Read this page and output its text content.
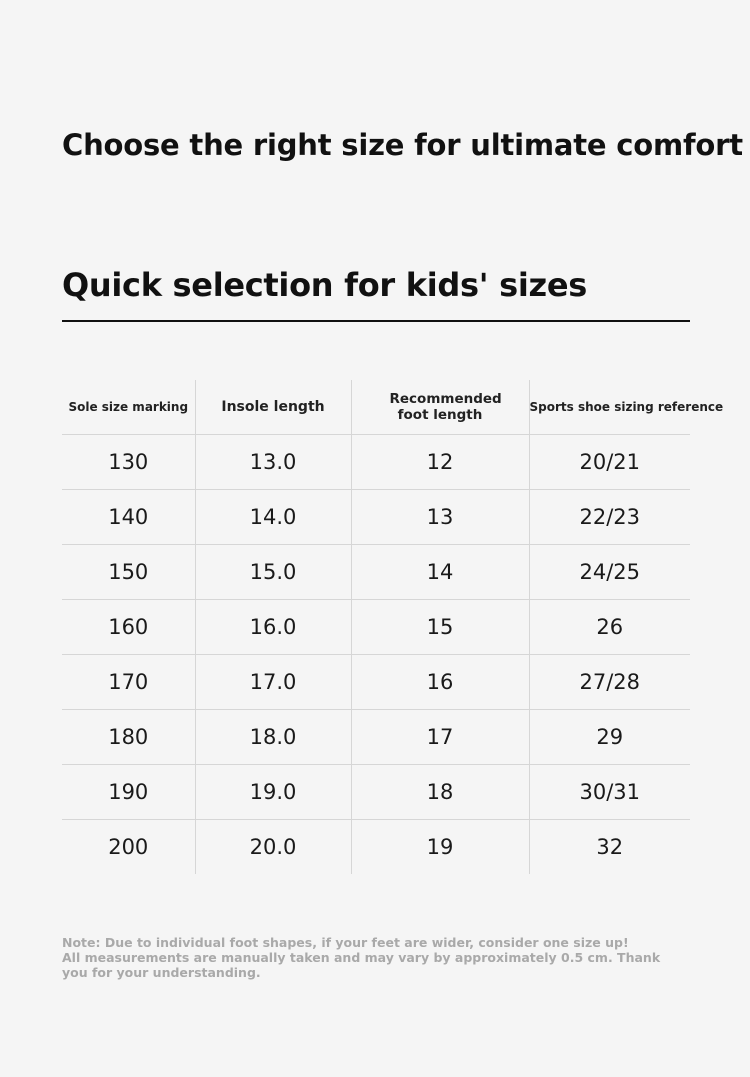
Choose the right size for ultimate comfort
Quick selection for kids' sizes
Sole size marking	Insole length	Recommended foot length	Sports shoe sizing reference
130	13.0	12	20/21
140	14.0	13	22/23
150	15.0	14	24/25
160	16.0	15	26
170	17.0	16	27/28
180	18.0	17	29
190	19.0	18	30/31
200	20.0	19	32
Note: Due to individual foot shapes, if your feet are wider, consider one size up!
All measurements are manually taken and may vary by approximately 0.5 cm. Thank you for your understanding.
